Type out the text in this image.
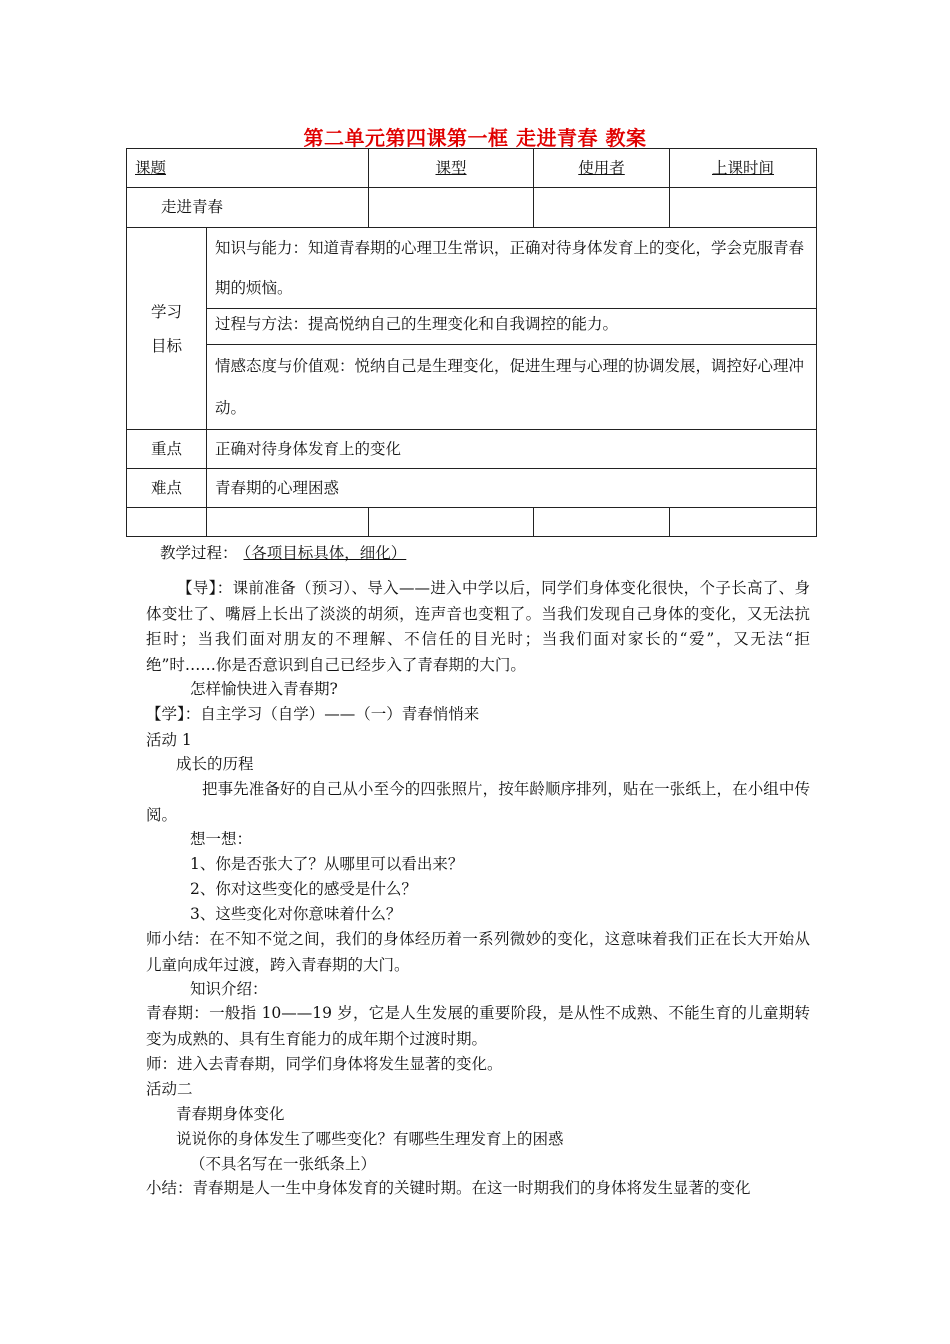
第二单元第四课第一框 走进青春 教案
课题		课型	使用者	上课时间
走进青春				

学习
目标	知识与能力：知道青春期的心理卫生常识，正确对待身体发育上的变化，学会克服青春期的烦恼。			
	过程与方法：提高悦纳自己的生理变化和自我调控的能力。			
	情感态度与价值观：悦纳自己是生理变化，促进生理与心理的协调发展，调控好心理冲动。			
重点	正确对待身体发育上的变化			
难点	青春期的心理困惑			

教学过程： （各项目标具体，细化）
【导】：课前准备（预习）、导入——进入中学以后，同学们身体变化很快，个子长高了、身体变壮了、嘴唇上长出了淡淡的胡须，连声音也变粗了。当我们发现自己身体的变化，又无法抗拒时；当我们面对朋友的不理解、不信任的目光时；当我们面对家长的“爱”，又无法“拒绝”时……你是否意识到自己已经步入了青春期的大门。
怎样愉快进入青春期?
【学】：自主学习（自学）——（一）青春悄悄来
活动 1
成长的历程
把事先准备好的自己从小至今的四张照片，按年龄顺序排列，贴在一张纸上，在小组中传阅。
想一想：
1、你是否张大了？从哪里可以看出来？
2、你对这些变化的感受是什么？
3、这些变化对你意味着什么？
师小结：在不知不觉之间，我们的身体经历着一系列微妙的变化，这意味着我们正在长大开始从儿童向成年过渡，跨入青春期的大门。
知识介绍：
青春期：一般指 10——19 岁，它是人生发展的重要阶段，是从性不成熟、不能生育的儿童期转变为成熟的、具有生育能力的成年期个过渡时期。
师：进入去青春期，同学们身体将发生显著的变化。
活动二
青春期身体变化
说说你的身体发生了哪些变化？有哪些生理发育上的困惑
（不具名写在一张纸条上）
小结：青春期是人一生中身体发育的关键时期。在这一时期我们的身体将发生显著的变化
